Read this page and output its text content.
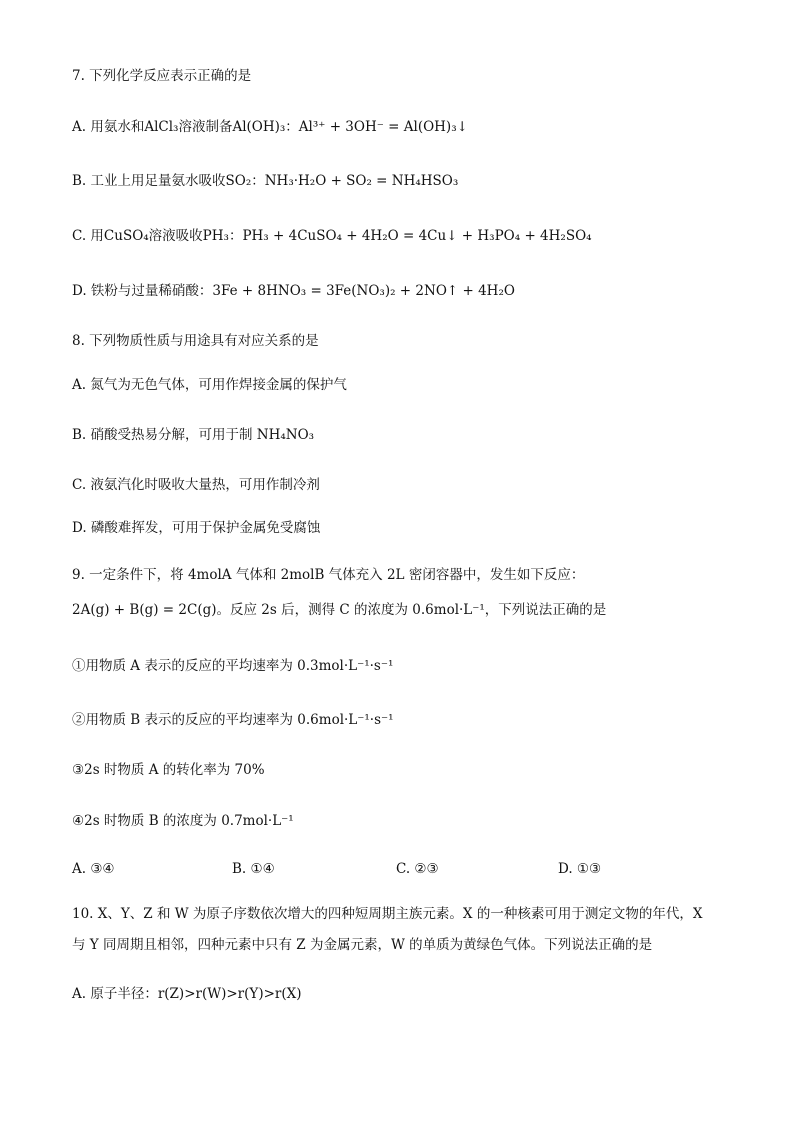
7. 下列化学反应表示正确的是
A. 用氨水和AlCl₃溶液制备Al(OH)₃：Al³⁺ + 3OH⁻ = Al(OH)₃↓
B. 工业上用足量氨水吸收SO₂：NH₃·H₂O + SO₂ = NH₄HSO₃
C. 用CuSO₄溶液吸收PH₃：PH₃ + 4CuSO₄ + 4H₂O = 4Cu↓ + H₃PO₄ + 4H₂SO₄
D. 铁粉与过量稀硝酸：3Fe + 8HNO₃ = 3Fe(NO₃)₂ + 2NO↑ + 4H₂O
8. 下列物质性质与用途具有对应关系的是
A. 氮气为无色气体，可用作焊接金属的保护气
B. 硝酸受热易分解，可用于制 NH₄NO₃
C. 液氨汽化时吸收大量热，可用作制冷剂
D. 磷酸难挥发，可用于保护金属免受腐蚀
9. 一定条件下，将 4molA 气体和 2molB 气体充入 2L 密闭容器中，发生如下反应：
2A(g) + B(g) = 2C(g)。反应 2s 后，测得 C 的浓度为 0.6mol·L⁻¹，下列说法正确的是
①用物质 A 表示的反应的平均速率为 0.3mol·L⁻¹·s⁻¹
②用物质 B 表示的反应的平均速率为 0.6mol·L⁻¹·s⁻¹
③2s 时物质 A 的转化率为 70%
④2s 时物质 B 的浓度为 0.7mol·L⁻¹
A. ③④	B. ①④	C. ②③	D. ①③
10. X、Y、Z 和 W 为原子序数依次增大的四种短周期主族元素。X 的一种核素可用于测定文物的年代，X
与 Y 同周期且相邻，四种元素中只有 Z 为金属元素，W 的单质为黄绿色气体。下列说法正确的是
A. 原子半径：r(Z)>r(W)>r(Y)>r(X)
